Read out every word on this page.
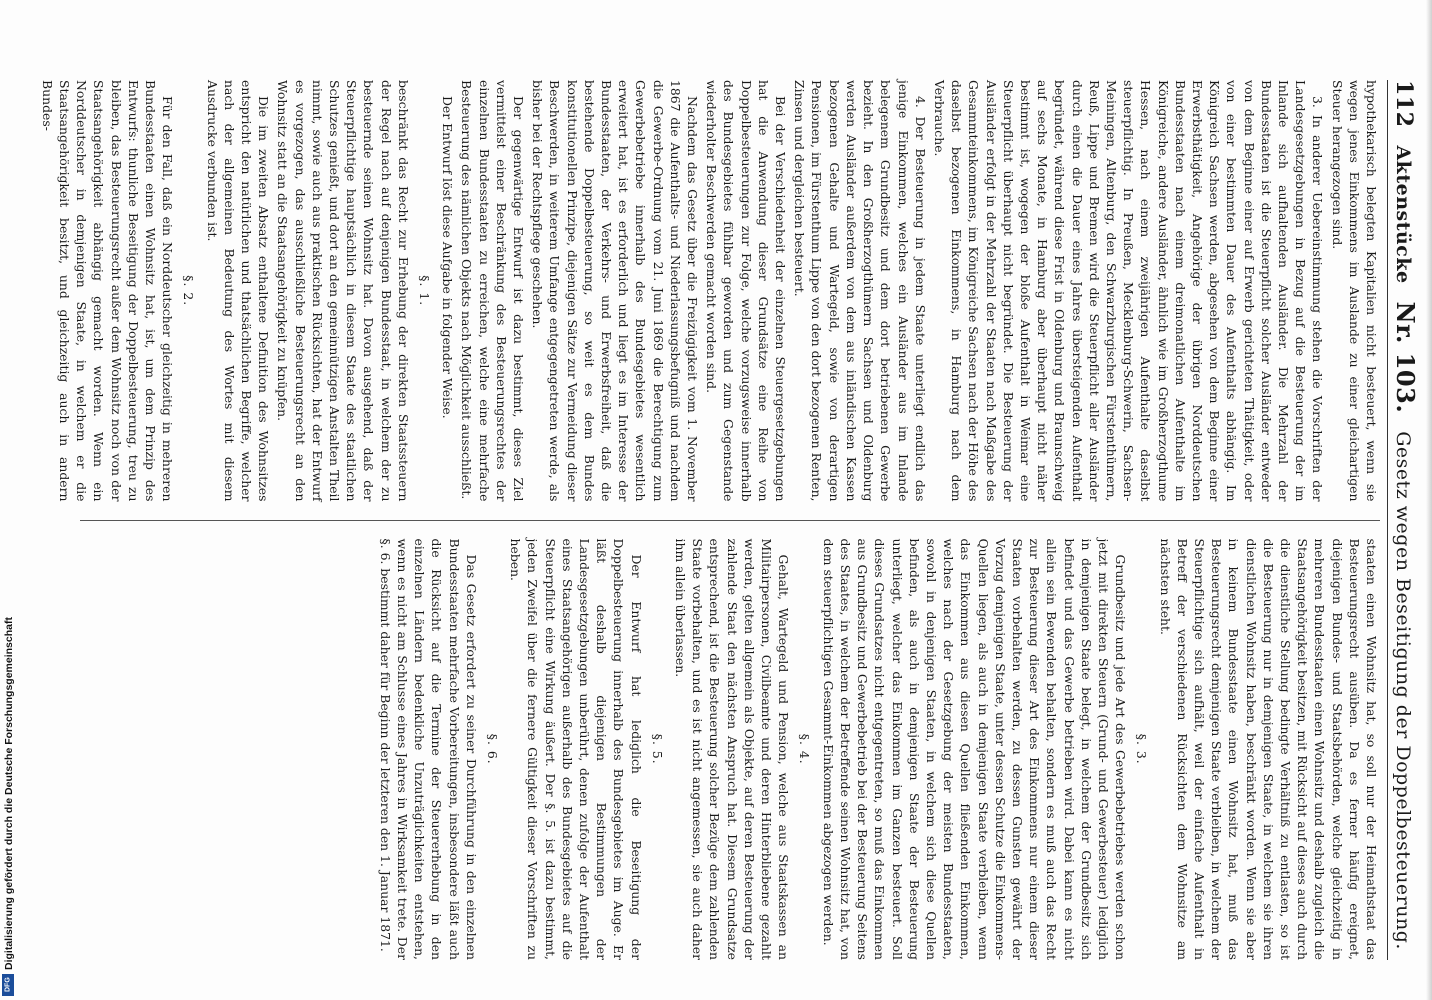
112
Aktenstücke
Nr. 103.
Gesetz wegen Beseitigung der Doppelbesteuerung.

hypothekarisch belegten Kapitalien nicht besteuert, wenn sie wegen jenes Einkommens im Auslande zu einer gleichartigen Steuer herangezogen sind.

3. In anderer Uebereinstimmung stehen die Vorschriften der Landesgesetzgebungen in Bezug auf die Besteuerung der im Inlande sich aufhaltenden Ausländer. Die Mehrzahl der Bundesstaaten ist die Steuerpflicht solcher Ausländer entweder von dem Beginne einer auf Erwerb gerichteten Thätigkeit, oder von einer bestimmten Dauer des Aufenthalts abhängig. Im Königreich Sachsen werden, abgesehen von dem Beginne einer Erwerbsthätigkeit, Angehörige der übrigen Norddeutschen Bundesstaaten nach einem dreimonatlichen Aufenthalte im Königreiche, andere Ausländer, ähnlich wie im Großherzogthume Hessen, nach einem zweijährigen Aufenthalte daselbst steuerpflichtig. In Preußen, Mecklenburg-Schwerin, Sachsen-Meiningen, Altenburg, den Schwarzburgischen Fürstenthümern, Reuß, Lippe und Bremen wird die Steuerpflicht aller Ausländer durch einen die Dauer eines Jahres übersteigenden Aufenthalt begründet, während diese Frist in Oldenburg und Braunschweig auf sechs Monate, in Hamburg aber überhaupt nicht näher bestimmt ist, wogegen der bloße Aufenthalt in Weimar eine Steuerpflicht überhaupt nicht begründet. Die Besteuerung der Ausländer erfolgt in der Mehrzahl der Staaten nach Maßgabe des Gesammteinkommens, im Königreiche Sachsen nach der Höhe des daselbst bezogenen Einkommens, in Hamburg nach dem Verbrauche.

4. Der Besteuerung in jedem Staate unterliegt endlich das jenige Einkommen, welches ein Ausländer aus im Inlande belegenem Grundbesitz und dem dort betriebenen Gewerbe bezieht. In den Großherzogthümern Sachsen und Oldenburg werden Ausländer außerdem von dem aus inländischen Kassen bezogenen Gehalte und Wartegeld, sowie von derartigen Pensionen, im Fürstenthum Lippe von den dort bezogenen Renten, Zinsen und dergleichen besteuert.

Bei der Verschiedenheit der einzelnen Steuergesetzgebungen hat die Anwendung dieser Grundsätze eine Reihe von Doppelbesteuerungen zur Folge, welche vorzugsweise innerhalb des Bundesgebietes fühlbar geworden und zum Gegenstande wiederholter Beschwerden gemacht worden sind.

Nachdem das Gesetz über die Freizügigkeit vom 1. November 1867 die Aufenthalts- und Niederlassungsbefugniß und nachdem die Gewerbe-Ordnung vom 21. Juni 1869 die Berechtigung zum Gewerbebetriebe innerhalb des Bundesgebietes wesentlich erweitert hat, ist es erforderlich und liegt es im Interesse der Bundesstaaten, der Verkehrs- und Erwerbsfreiheit, daß die bestehende Doppelbesteuerung, so weit es dem Bundes konstitutionellen Prinzipe, diejenigen Sätze zur Vermeidung dieser Beschwerden, in weiterem Umfange entgegengetreten werde, als bisher bei der Rechtspflege geschehen.

Der gegenwärtige Entwurf ist dazu bestimmt, dieses Ziel vermittelst einer Beschränkung des Besteuerungsrechtes der einzelnen Bundesstaaten zu erreichen, welche eine mehrfache Besteuerung des nämlichen Objekts nach Möglichkeit ausschließt.

Der Entwurf löst diese Aufgabe in folgender Weise.

§. 1.

beschränkt das Recht zur Erhebung der direkten Staatssteuern der Regel nach auf denjenigen Bundesstaat, in welchem der zu besteuernde seinen Wohnsitz hat. Davon ausgehend, daß der Steuerpflichtige hauptsächlich in diesem Staate des staatlichen Schutzes genießt, und dort an den gemeinnützigen Anstalten Theil nimmt, sowie auch aus praktischen Rücksichten, hat der Entwurf es vorgezogen, das ausschließliche Besteuerungsrecht an den Wohnsitz statt an die Staatsangehörigkeit zu knüpfen.

Die im zweiten Absatz enthaltene Definition des Wohnsitzes entspricht den natürlichen und thatsächlichen Begriffe, welcher nach der allgemeinen Bedeutung des Wortes mit diesem Ausdrucke verbunden ist.

§. 2.

Für den Fall, daß ein Norddeutscher gleichzeitig in mehreren Bundesstaaten einen Wohnsitz hat, ist, um dem Prinzip des Entwurfs: thunliche Beseitigung der Doppelbesteuerung, treu zu bleiben, das Besteuerungsrecht außer dem Wohnsitz noch von der Staatsangehörigkeit abhängig gemacht worden. Wenn ein Norddeutscher in demjenigen Staate, in welchem er die Staatsangehörigkeit besitzt, und gleichzeitig auch in andern Bundes-

staaten einen Wohnsitz hat, so soll nur der Heimathstaat das Besteuerungsrecht ausüben. Da es ferner häufig ereignet, diejenigen Bundes- und Staatsbehörden, welche gleichzeitig in mehreren Bundesstaaten einen Wohnsitz und deshalb zugleich die Staatsangehörigkeit besitzen, mit Rücksicht auf dieses auch durch die dienstliche Stellung bedingte Verhältniß zu entlasten, so ist die Besteuerung nur in demjenigen Staate, in welchem sie ihren dienstlichen Wohnsitz haben, beschränkt worden. Wenn sie aber in keinem Bundesstaate einen Wohnsitz hat, muß das Besteuerungsrecht demjenigen Staate verbleiben, in welchem der Steuerpflichtige sich aufhält, weil der einfache Aufenthalt in Betreff der verschiedenen Rücksichten dem Wohnsitze am nächsten steht.

§. 3.

Grundbesitz und jede Art des Gewerbebetriebes werden schon jetzt mit direkten Steuern (Grund- und Gewerbesteuer) lediglich in demjenigen Staate belegt, in welchem der Grundbesitz sich befindet und das Gewerbe betrieben wird. Dabei kann es nicht allein sein Bewenden behalten, sondern es muß auch das Recht zur Besteuerung dieser Art des Einkommens nur einem dieser Staaten vorbehalten werden, zu dessen Gunsten gewährt der Vorzug demjenigen Staate, unter dessen Schutze die Einkommens-Quellen liegen, als auch in demjenigen Staate verbleiben, wenn das Einkommen aus diesen Quellen fließenden Einkommen, welches nach der Gesetzgebung der meisten Bundesstaaten, sowohl in denjenigen Staaten, in welchem sich diese Quellen befinden, als auch in demjenigen Staate der Besteuerung unterliegt, welcher das Einkommen im Ganzen besteuert. Soll dieses Grundsatzes nicht entgegentreten, so muß das Einkommen aus Grundbesitz und Gewerbebetrieb bei der Besteuerung Seitens des Staates, in welchem der Betreffende seinen Wohnsitz hat, von dem steuerpflichtigen Gesammt-Einkommen abgezogen werden.

§. 4.

Gehalt, Wartegeld und Pension, welche aus Staatskassen an Militairpersonen, Civilbeamte und deren Hinterbliebene gezahlt werden, gelten allgemein als Objekte, auf deren Besteuerung der zahlende Staat den nächsten Anspruch hat. Diesem Grundsatze entsprechend, ist die Besteuerung solcher Bezüge dem zahlenden Staate vorbehalten, und es ist nicht angemessen, sie auch daher ihm allein überlassen.

§. 5.

Der Entwurf hat lediglich die Beseitigung der Doppelbesteuerung innerhalb des Bundesgebietes im Auge. Er läßt deshalb diejenigen Bestimmungen der Landesgesetzgebungen unberührt, denen zufolge der Aufenthalt eines Staatsangehörigen außerhalb des Bundesgebietes auf die Steuerpflicht eine Wirkung äußert. Der §. 5. ist dazu bestimmt, jeden Zweifel über die fernere Gültigkeit dieser Vorschriften zu heben.

§. 6.

Das Gesetz erfordert zu seiner Durchführung in den einzelnen Bundesstaaten mehrfache Vorbereitungen, insbesondere läßt auch die Rücksicht auf die Termine der Steuererhebung in den einzelnen Ländern bedenkliche Unzuträglichkeiten entstehen, wenn es nicht am Schlusse eines Jahres in Wirksamkeit trete. Der §. 6. bestimmt daher für Beginn der letzteren den 1. Januar 1871.

Digitalisierung gefördert durch die Deutsche Forschungsgemeinschaft
DFG
